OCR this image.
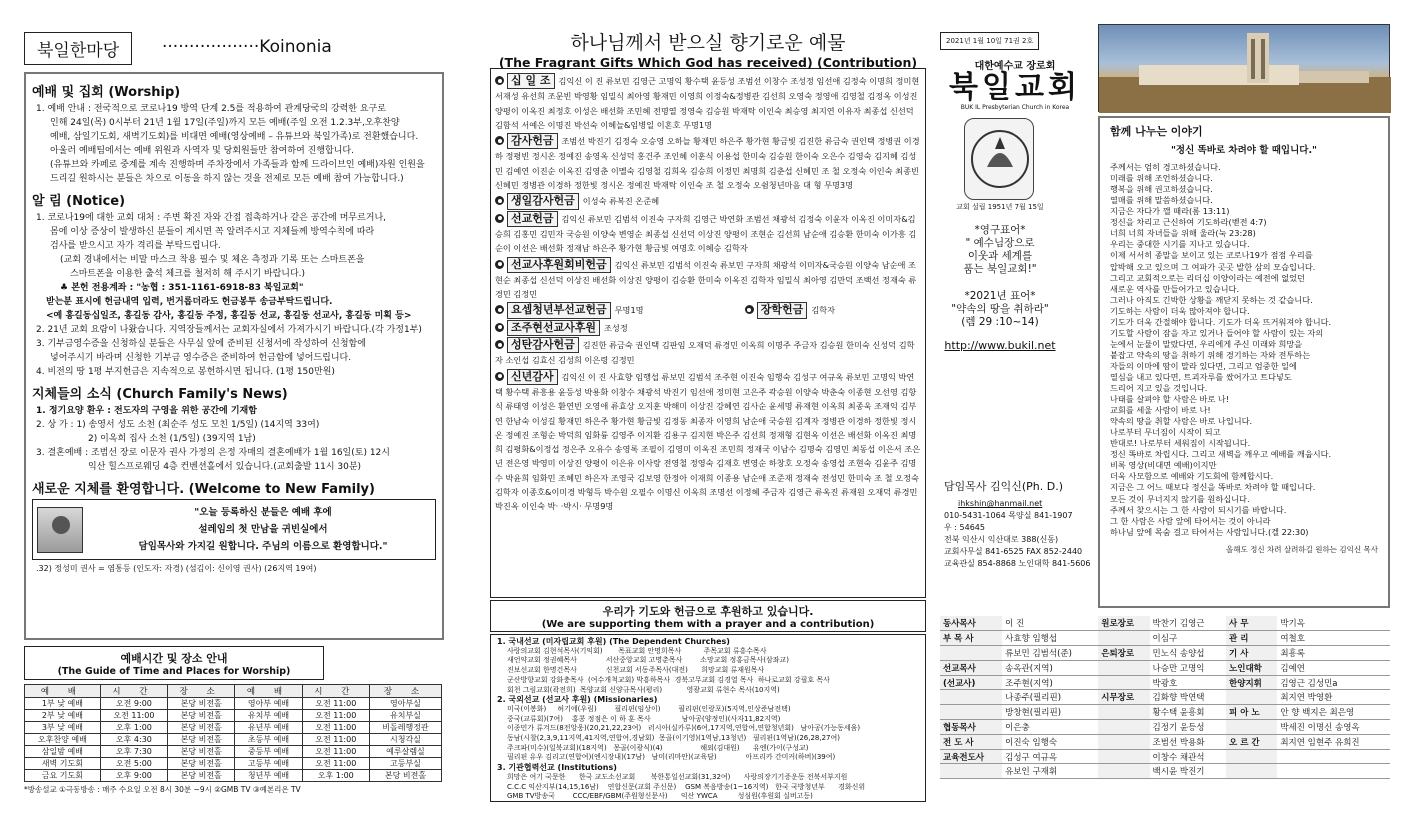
북일한마당	··················Koinonia
예배 및 집회 (Worship)
1. 예배 안내 : 전국적으로 코로나19 방역 단계 2.5를 적용하여 관계당국의 강력한 요구로
인해 24일(목) 0시부터 21년 1월 17일(주일)까지 모든 예배(주일 오전 1.2.3부,오후찬양
예배, 삼일기도회, 새벽기도회)를 비대면 예배(영상예배 – 유튜브와 북일가족)로 전환했습니다.
아울러 예배팀에서는 예배 위원과 사역자 및 당회원들만 참여하여 진행합니다.
(유튜브와 카페로 중계를 계속 진행하며 주차장에서 가족들과 함께 드라이브인 예배)자원 인원을
드리길 원하시는 분들은 차으로 이동을 하지 않는 것을 전제로 모든 예배 참여 가능합니다.)
알 림 (Notice)
1. 코로나19에 대한 교회 대처 : 주변 확진 자와 간접 접촉하거나 같은 공간에 머무르거나,
몸에 이상 증상이 발생하신 분들이 계시면 꼭 알려주시고 지체들께 방역수칙에 따라
검사를 받으시고 자가 격리를 부탁드립니다.
(교회 경내에서는 비말 마스크 착용 필수 및 체온 측정과 기록 또는 스마트폰을
스마트폰을 이용한 출석 체크를 철저히 해 주시기 바랍니다.)
♣ 본헌 전용계좌 : "농협 : 351-1161-6918-83 북일교회"
받는분 표시에 헌금내역 입력, 번거롭더라도 헌금봉투 송금부탁드립니다.
<예 홍길동십일조, 홍길동 감사, 홍길동 주정, 홍길동 선교, 홍길동 선교사, 홍길동 미획 등>
2. 21년 교회 요람이 나왔습니다. 지역장들께서는 교회자실에서 가져가시기 바랍니다.(각 가정1부)
3. 기부금영수증을 신청하실 분들은 사무실 앞에 준비된 신청서에 작성하여 신청함에
넣어주시기 바라며 신청한 기부금 영수증은 준비하여 헌금함에 넣어드립니다.
4. 비전의 땅 1평 부지헌금은 지속적으로 봉헌하시면 됩니다. (1평 150만원)
지체들의 소식 (Church Family's News)
1. 정기요양 환우 : 전도자의 구영을 위한 공간에 기재함
2. 상 가 : 1) 송영서 성도 소천 (최순주 성도 모친 1/5일) (14지역 33여)
2) 이옥희 집사 소천 (1/5일) (39지역 1남)
3. 결혼예배 : 조범선 장로 이문자 권사 가정의 은정 자매의 결혼예배가 1월 16일(토) 12시
익산 힐스프로웨딩 4층 컨벤션홀에서 있습니다.(교회출발 11시 30분)
새로운 지체를 환영합니다. (Welcome to New Family)
"오늘 등록하신 분들은 예배 후에
설레임의 첫 만남을 귀빈실에서
담임목사와 가지길 원합니다. 주님의 이름으로 환영합니다."
.32) 정성미 권사 = 염통등 (인도자: 자경) (섬김이: 신이영 권사) (26지역 19여)
예배시간 및 장소 안내
(The Guide of Time and Places for Worship)
예 배	시 간	장 소	예 배	시 간	장 소
1부 낮 예배	오전 9:00	본당 비전홀	영아부 예배	오전 11:00	영아부실
2부 낮 예배	오전 11:00	본당 비전홀	유치부 예배	오전 11:00	유치부실
3부 낮 예배	오후 1:00	본당 비전홀	유년부 예배	오전 11:00	비돌레행정관
오후찬양 예배	오후 4:30	본당 비전홀	초등부 예배	오전 11:00	시청각실
삼일밤 예배	오후 7:30	본당 비전홀	중등부 예배	오전 11:00	예루살렘실
새벽 기도회	오전 5:00	본당 비전홀	고등부 예배	오전 11:00	고등부실
금요 기도회	오후 9:00	본당 비전홀	청년부 예배	오후 1:00	본당 비전홀
*방송설교 ①극동방송 : 매주 수요일 오전 8시 30분 ~9시 ②GMB TV ③예본리온 TV
하나님께서 받으실 향기로운 예물
(The Fragrant Gifts Which God has received) (Contribution)
십 일 조 김익신 이 진 류보민 김영근 고명익 황수택 윤등성 조범선 이창수 조성정 임선애 김정숙 이명희 정미현 서재성 유선희 조문빈 박영황 임밀식 최아영 황재민 이영희 이정숙&정병관 김선희 오영숙 정영애 김영철 김정옥 이성진 양평이 이옥진 최정호 이성은 배선화 조민혜 전명열 정영숙 김승원 박재탁 이인숙 최승영 최지연 이유자 최종섭 신선덕 김함석 서예은 이명진 박선숙 이혜늘&임병일 이혼호 무명1명
감사헌금 조범선 박진기 김정숙 오승영 오하늘 황재민 하은주 황가현 황금빛 김진한 류금숙 권인택 정병권 이경하 정평빈 정시온 정예진 송영옥 신성덕 홍건주 조인혜 이훈식 이용섭 한미숙 김승원 한이숙 오은수 김영숙 김지혜 김성민 김예연 이진순 이옥진 김영춘 이멜숙 김영철 김희옥 김승희 이정민 최명희 김춘섭 신혜민 조 철 오정숙 이인숙 최종빈 신혜민 정병관 이경하 정한빛 정시온 정예진 박재탁 이인숙 조 철 오정숙 오쉼청년마음 대 형 무명3명
생일감사헌금 이성숙 류복진 온준혜
선교헌금 김익신 류보민 김범석 이진숙 구자희 김영근 박연화 조범선 채광석 김정숙 이윤자 이옥진 이미자&김승희 김홍민 김민자 국승원 이양숙 변영순 최종섭 신선덕 이상진 양평이 조현순 김선희 남순애 김승환 한미숙 이가흥 김순이 이선은 배선화 정재남 하은주 황가현 황금빛 여명호 이혜승 김학자
선교사후원회비헌금 김익신 류보민 김범석 이진숙 류보민 구자희 채광석 이미자&국승원 이양숙 남순애 조현순 최종섭 신선덕 이상진 배선화 이상진 양평이 김승환 한미숙 이옥진 김학자 임밀식 최아영 김만덕 조백선 정재숙 류경민 김정민
요셉청년부선교헌금 무명1명	장학헌금 김학자
조주현선교사후원 조성정
성탄감사헌금 김진한 류금숙 권인택 김판임 오재덕 류경민 이옥희 이명주 주금자 김승원 한미숙 신성덕 김학자 소인섭 김효신 김성희 이은령 김정민
신년감사 김익신 이 진 사효향 임행섭 류보민 김범석 조주현 이진숙 임행숙 김성구 여규옥 류보민 고명익 박연택 황수택 류흥용 윤등성 박용화 이창수 채광석 박진기 임선애 정미현 고은주 곽승원 이양숙 박춘숙 이종현 오선영 김항식 류태영 이성은 환연빈 오영애 류효상 오지훈 박해미 이상진 강혜연 김사순 윤세명 류재현 이옥희 최종욱 조재익 김부연 한남숙 이성길 황재민 하은주 황가현 황금빛 김정동 최종자 이영희 남순애 국승원 김계자 정병관 이경하 정한빛 정시온 정예진 조형순 박덕희 임화륭 김영주 이지환 김용구 김지현 박은주 김선희 정재형 김현옥 이선은 배선화 이옥진 최명희 김평화&이정섭 정은주 오유수 송영록 조필이 김영미 이옥진 조민희 정재국 이남수 김명숙 김영민 최동섭 이은서 조은년 전은영 박영미 이상진 양평이 이은유 이사랑 전영철 정영숙 김재호 변영순 하창호 오정숙 송영섭 조현숙 김윤주 김명수 박윤희 임화민 조혜민 하은자 조영국 김보영 한정아 이재희 이종용 남순애 조준재 정재숙 전성민 한미숙 조 철 오정숙 김학자 이종호&이미경 박형득 박수원 오필수 이명신 이옥희 조명선 이정혜 주금자 김영근 류옥진 류재원 오재덕 류경민 박진옥 이인숙 박· ·박시· 무명9명
우리가 기도와 헌금으로 후원하고 있습니다.
(We are supporting them with a prayer and a contribution)
1. 국내선교 (미자립교회 후원) (The Dependent Churches)
사랑의교회 김현석목사(기익회)       목표교회 안명희목사          주목교회 류흥수목사
새언약교회 정권혜목사             서산중앙교회 고명춘목사        소망교회 정홍금목사(삼좌교)
진보선교회 한명건목사             신천교회 서동주목사(대전)      희망교회 류재원목사
군산방향교회 강화충목사  (여수개척교회) 박흥하목사  경북고무교회 김경열 목사  하나로교회 강필호 목사
회천 그림교회(곽전희)  목양교회 신양규목사(평리)           영광교회 류현수 목사(10지역)
2. 국외선교 (선교사 후원) (Missionaries)
미국(이봉화)     허기에(우림)        필리핀(임상이)        필리핀(인랑포)(5지역,인상준남전택)
중국(교류회)(7여)    홍콩 정점은 이 하 훈 목사              남아공(양정인)(사자11,82지역)
이종민가 류겨드(8전앙웅)(20,21,22,23여)   러시아(실카루)(6여,17지역,연합여,연합청년회)   남아공(가능동세움)
동남(시찰(2,3,9,11지역,41지역,연합여,경남회)  몽골(이기영)(1역남,13청년)   필리핀(1역남)(26,28,27여)
주크파(미수)(일북교회)(18지역)   몽골(이광식)(4)                 해외(김대원)      유엔(가이(구성교)
필리핀 유우 김리고(연합여)(엔시장내)(17남)   남미(리마안)(교육담)             아프리카 간미커(하버)(39여)
3. 기관협력선교 (Institutions)
희망은 여기 국문한      한국 교도소선교회       북한통일선교회(31,32여)      사랑의장기기증운동 전북서부지원
C.C.C 익산지부(14,15,16남)    연합신문(교회 주신문)    GSM 복음방송(1~16지역)   한국 국방청년부      경화신위
GMB TV방송국        CCC/EBF/GBM(주원형신문사)      익산 YWCA         성심원(후원회 실버고등)
2021년 1월 10일 71권 2호
대한예수교 장로회
북일교회
BUK IL Presbyterian Church in Korea
교회 설립 1951년 7월 15일
*영구표어*
" 예수님장으로
이웃과 세계를
품는 북일교회!"
*2021년 표어*
"약속의 땅을 취하라"
(렘 29 :10~14)
http://www.bukil.net
담임목사 김익신(Ph. D.)
ihkshin@hanmail.net
010-5431-1064 목양실 841-1907
우 : 54645
전북 익산시 익산대로 388(신동)
교회사무실 841-6525 FAX 852-2440
교육관실 854-8868 노인대학 841-5606
함께 나누는 이야기
"정신 똑바로 차려야 할 때입니다."
주께서는 엄히 경고하셨습니다.
미래를 위해 조언하셨습니다.
행복을 위해 권고하셨습니다.
열매를 위해 말씀하셨습니다.
지금은 자다가 깰 때라(롬 13:11)
정신을 차리고 근신하여 기도하라(벧전 4:7)
너희 너희 자녀들을 위해 울라(눅 23:28)
우리는 중대한 시기를 지나고 있습니다.
이제 서서히 종말을 보이고 있는 코로나19가 점점 우리를
압박해 오고 있으며 그 여파가 곳곳 발한 삼의 모습입니다.
그리고 교회적으로는 리더십 이양이라는 예전에 없었던
새로운 역사를 만들어가고 있습니다.
그러나 아직도 긴박한 상황을 깨닫지 못하는 것 같습니다.
기도하는 사람이 더욱 많아져야 합니다.
기도가 더욱 간절해야 합니다. 기도가 더욱 뜨거워져야 합니다.
기도할 사람이 잠을 자고 있거나 들어야 할 사람이 있는 자의
눈에서 눈물이 말랐다면, 우리에게 주신 미래와 희망을
붙잡고 약속의 땅을 취하기 위해 경기하는 자와 전투하는
자들의 이마에 땀이 말라 있다면, 그리고 엄중한 일에
열심을 내고 있다면, 트괴자루를 쌌어가고 트다넣도
드리어 지고 있을 것입니다.
나태를 살펴야 할 사람은 바로 나!
교회를 세울 사람이 바로 나!
약속의 땅을 취할 사람은 바로 나입니다.
나로부터 무너짐이 시작이 되고
반대로! 나로부터 세워짐이 시작됩니다.
정신 똑바로 차립시다. 그리고 새벽을 깨우고 예배를 깨웁시다.
비록 영상(비대면 예배)이지만
더욱 사모함으로 예배와 기도회에 함께합시다.
지금은 그 어느 때보다 정신을 똑바로 차려야 할 때입니다.
모든 것이 무너지지 않기를 원하십니다.
주께서 찾으시는 그 한 사람이 되시기를 바랍니다.
그 한 사람은 사람 앞에 타어서는 것이 아니라
하나님 앞에 목숨 걸고 타어서는 사람입니다.(겔 22:30)
올해도 정신 차려 살려하길 원하는 김익신 목사
동사목사	이 진	원로장로	박찬기 김영근	사 무	박기옥
부 목 사	사효향 임행섭		이심구	관 리	여철호
	류보민 김범석(준)	은퇴장로	민노식 송양섭	기 사	최흥록
선교목사	송옥관(지역)		나승만 고명익	노인대학	김예연
(선교사)	조주현(지역)		박광호	한양지휘	김영근 김성민a
	나종주(필리핀)	시무장로	김화향 박연택		최지연 박영환
	방창현(필리핀)		황수택 윤흥회	피 아 노	안 향 백지은 최은영
협동목사	이은충		김정기 윤등성		박세진 이명신 송영옥
전 도 사	이진숙 임행숙		조범선 박용화	오 르 간	최지연 임현주 유희진
교육전도사	김성구 여규옥		이창수 채관석		
	유보인 구재휘		백시윤 박진기		
